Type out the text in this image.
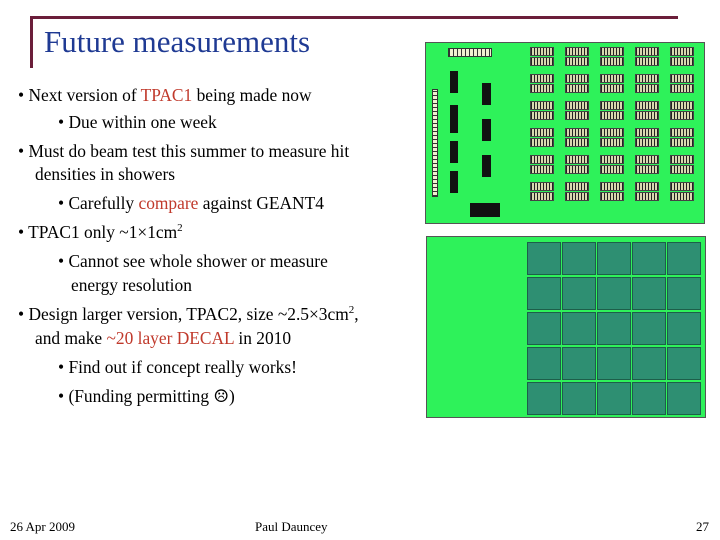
Future measurements
• Next version of TPAC1 being made now
• Due within one week
• Must do beam test this summer to measure hit
densities in showers
• Carefully compare against GEANT4
• TPAC1 only $\sim 1\times 1cm^2$
• Cannot see whole shower or measure
energy resolution
• Design larger version, TPAC2, size $\sim 2.5\times 3cm^2$,
and make ~20 layer DECAL in 2010
• Find out if concept really works!
• (Funding permitting ☹)
26 Apr 2009	Paul Dauncey	27
